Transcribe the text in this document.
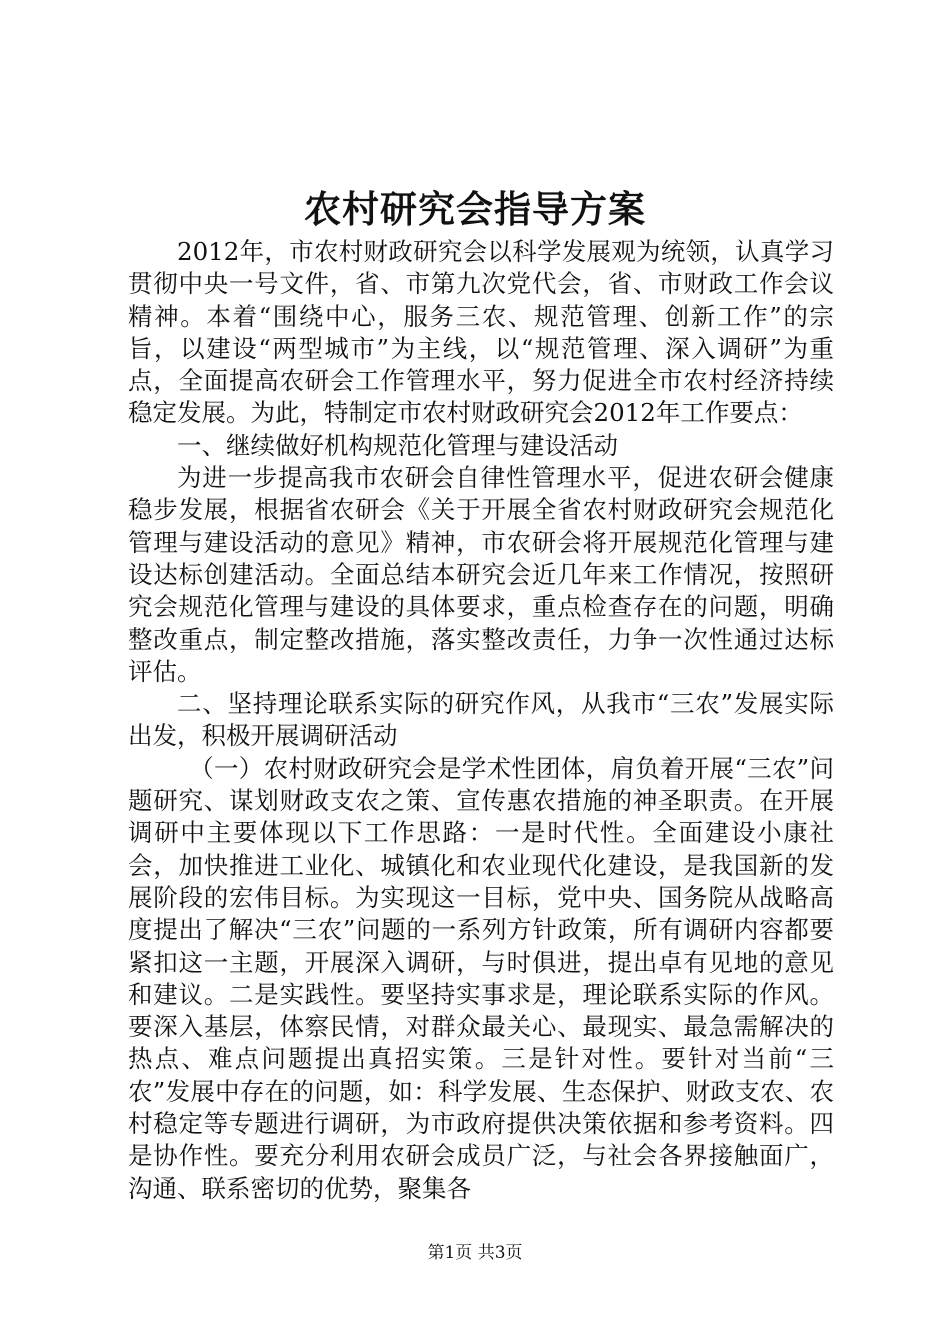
农村研究会指导方案

2012年，市农村财政研究会以科学发展观为统领，认真学习贯彻中央一号文件，省、市第九次党代会，省、市财政工作会议精神。本着“围绕中心，服务三农、规范管理、创新工作”的宗旨，以建设“两型城市”为主线，以“规范管理、深入调研”为重点，全面提高农研会工作管理水平，努力促进全市农村经济持续稳定发展。为此，特制定市农村财政研究会2012年工作要点：

一、继续做好机构规范化管理与建设活动

为进一步提高我市农研会自律性管理水平，促进农研会健康稳步发展，根据省农研会《关于开展全省农村财政研究会规范化管理与建设活动的意见》精神，市农研会将开展规范化管理与建设达标创建活动。全面总结本研究会近几年来工作情况，按照研究会规范化管理与建设的具体要求，重点检查存在的问题，明确整改重点，制定整改措施，落实整改责任，力争一次性通过达标评估。

二、坚持理论联系实际的研究作风，从我市“三农”发展实际出发，积极开展调研活动

（一）农村财政研究会是学术性团体，肩负着开展“三农”问题研究、谋划财政支农之策、宣传惠农措施的神圣职责。在开展调研中主要体现以下工作思路：一是时代性。全面建设小康社会，加快推进工业化、城镇化和农业现代化建设，是我国新的发展阶段的宏伟目标。为实现这一目标，党中央、国务院从战略高度提出了解决“三农”问题的一系列方针政策，所有调研内容都要紧扣这一主题，开展深入调研，与时俱进，提出卓有见地的意见和建议。二是实践性。要坚持实事求是，理论联系实际的作风。要深入基层，体察民情，对群众最关心、最现实、最急需解决的热点、难点问题提出真招实策。三是针对性。要针对当前“三农”发展中存在的问题，如：科学发展、生态保护、财政支农、农村稳定等专题进行调研，为市政府提供决策依据和参考资料。四是协作性。要充分利用农研会成员广泛，与社会各界接触面广，沟通、联系密切的优势，聚集各

第1页 共3页
